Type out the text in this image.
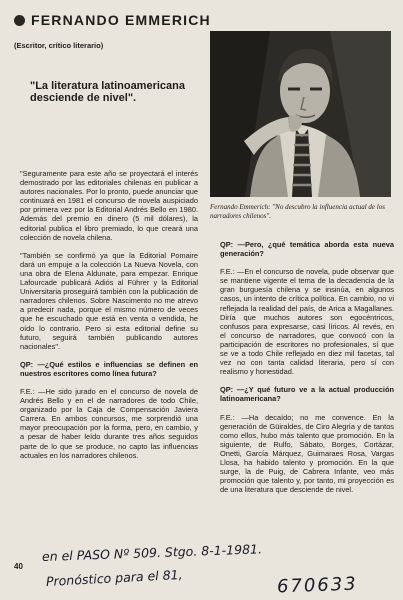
FERNANDO EMMERICH
(Escritor, crítico literario)
"La literatura latinoamericana desciende de nivel".
Fernando Emmerich: "No descubro la influencia actual de los narradores chilenos".

"Seguramente para este año se proyectará el interés demostrado por las editoriales chilenas en publicar a autores nacionales. Por lo pronto, puede anunciar que continuará en 1981 el concurso de novela auspiciado por primera vez por la Editorial Andrés Bello en 1980. Además del premio en dinero (5 mil dólares), la editorial publica el libro premiado, lo que creará una colección de novela chilena.

"También se confirmó ya que la Editorial Pomaire dará un empuje a la colección La Nueva Novela, con una obra de Elena Aldunate, para empezar. Enrique Lafourcade publicará Adiós al Führer y la Editorial Universitaria proseguirá también con la publicación de narradores chilenos. Sobre Nascimento no me atrevo a predecir nada, porque el mismo número de veces que he escuchado que está en venta o vendida, he oído lo contrario. Pero si esta editorial define su futuro, seguirá también publicando autores nacionales".

QP: —¿Qué estilos e influencias se definen en nuestros escritores como línea futura?

F.E.: —He sido jurado en el concurso de novela de Andrés Bello y en el de narradores de todo Chile, organizado por la Caja de Compensación Javiera Carrera. En ambos concursos, me sorprendió una mayor preocupación por la forma, pero, en cambio, y a pesar de haber leído durante tres años seguidos parte de lo que se produce, no capto las influencias actuales en los narradores chilenos.

QP: —Pero, ¿qué temática aborda esta nueva generación?

F.E.: —En el concurso de novela, pude observar que se mantiene vigente el tema de la decadencia de la gran burguesía chilena y se insinúa, en algunos casos, un intento de crítica política. En cambio, no vi reflejada la realidad del país, de Arica a Magallanes. Diría que muchos autores son egocéntricos, confusos para expresarse, casi líricos. Al revés, en el concurso de narradores, que convocó con la participación de escritores no profesionales, sí que se ve a todo Chile reflejado en diez mil facetas, tal vez no con tanta calidad literaria, pero sí con realismo y honestidad.

QP: —¿Y qué futuro ve a la actual producción latinoamericana?

F.E.: —Ha decaído; no me convence. En la generación de Güiraldes, de Ciro Alegría y de tantos como ellos, hubo más talento que promoción. En la siguiente, de Rulfo, Sábato, Borges, Cortázar, Onetti, García Márquez, Guimaraes Rosa, Vargas Llosa, ha habido talento y promoción. En la que surge, la de Puig, de Cabrera Infante, veo más promoción que talento y, por tanto, mi proyección es de una literatura que desciende de nivel.

40
en el PASO Nº 509. Stgo. 8-1-1981.
Pronóstico para el 81,	670633
